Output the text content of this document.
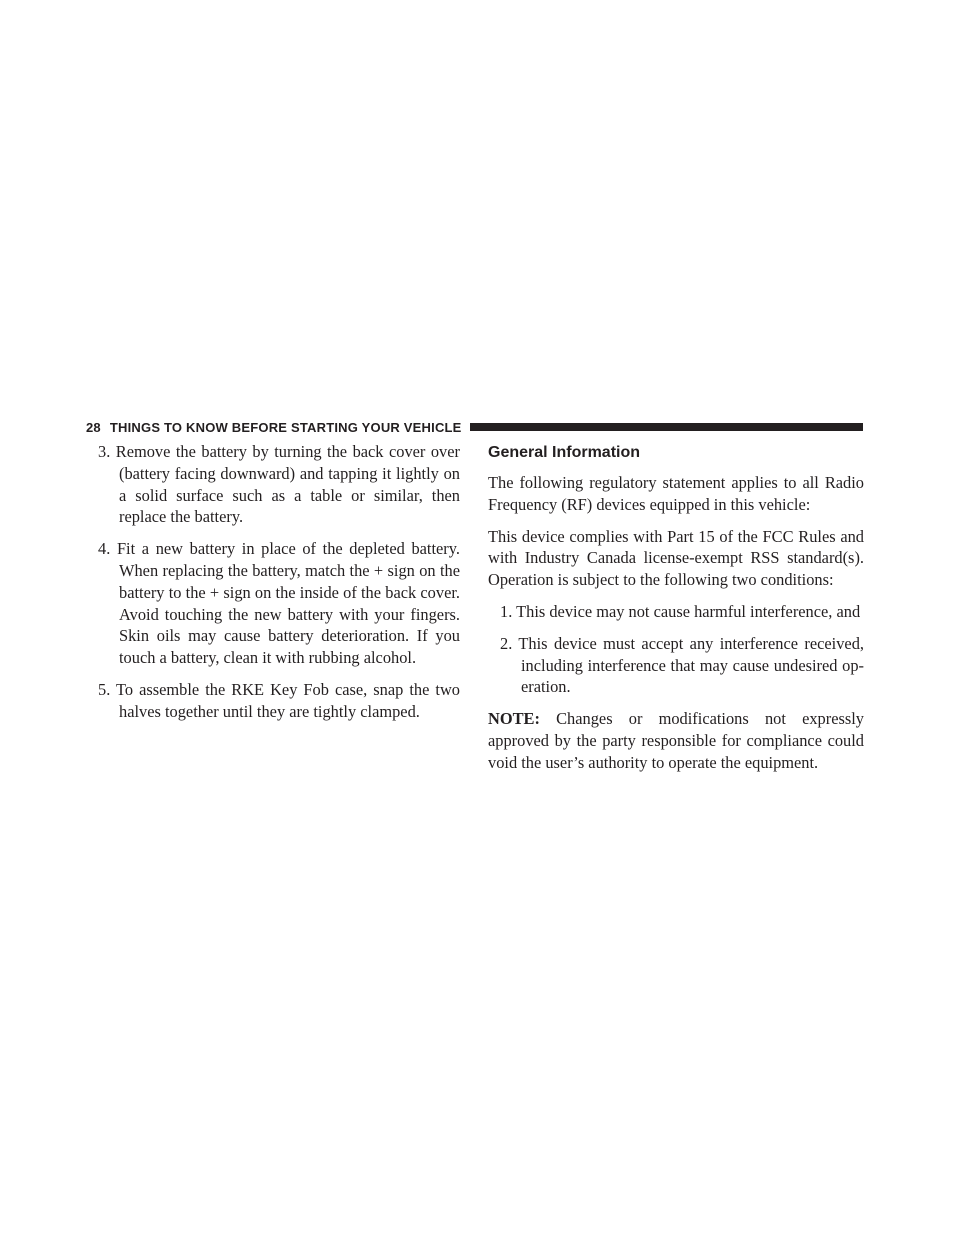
28 THINGS TO KNOW BEFORE STARTING YOUR VEHICLE
3. Remove the battery by turning the back cover over (battery facing downward) and tapping it lightly on a solid surface such as a table or similar, then replace the battery.
4. Fit a new battery in place of the depleted battery. When replacing the battery, match the + sign on the battery to the + sign on the inside of the back cover. Avoid touching the new battery with your fingers. Skin oils may cause battery deterioration. If you touch a battery, clean it with rubbing alcohol.
5. To assemble the RKE Key Fob case, snap the two halves together until they are tightly clamped.
General Information

The following regulatory statement applies to all Radio Frequency (RF) devices equipped in this vehicle:

This device complies with Part 15 of the FCC Rules and with Industry Canada license-exempt RSS standard(s). Operation is subject to the following two conditions:

1. This device may not cause harmful interference, and
2. This device must accept any interference received, including interference that may cause undesired op-eration.

NOTE: Changes or modifications not expressly approved by the party responsible for compliance could void the user’s authority to operate the equipment.
